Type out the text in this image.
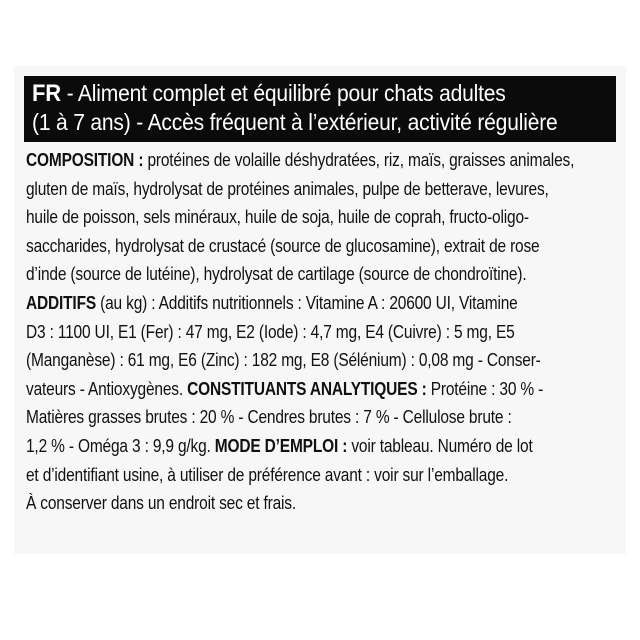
FR - Aliment complet et équilibré pour chats adultes
(1 à 7 ans) - Accès fréquent à l’extérieur, activité régulière
COMPOSITION : protéines de volaille déshydratées, riz, maïs, graisses animales,
gluten de maïs, hydrolysat de protéines animales, pulpe de betterave, levures,
huile de poisson, sels minéraux, huile de soja, huile de coprah, fructo-oligo-
saccharides, hydrolysat de crustacé (source de glucosamine), extrait de rose
d’inde (source de lutéine), hydrolysat de cartilage (source de chondroïtine).
ADDITIFS (au kg) : Additifs nutritionnels : Vitamine A : 20600 UI, Vitamine
D3 : 1100 UI, E1 (Fer) : 47 mg, E2 (Iode) : 4,7 mg, E4 (Cuivre) : 5 mg, E5
(Manganèse) : 61 mg, E6 (Zinc) : 182 mg, E8 (Sélénium) : 0,08 mg - Conser-
vateurs - Antioxygènes. CONSTITUANTS ANALYTIQUES : Protéine : 30 % -
Matières grasses brutes : 20 % - Cendres brutes : 7 % - Cellulose brute :
1,2 % - Oméga 3 : 9,9 g/kg. MODE D’EMPLOI : voir tableau. Numéro de lot
et d’identifiant usine, à utiliser de préférence avant : voir sur l’emballage.
À conserver dans un endroit sec et frais.
